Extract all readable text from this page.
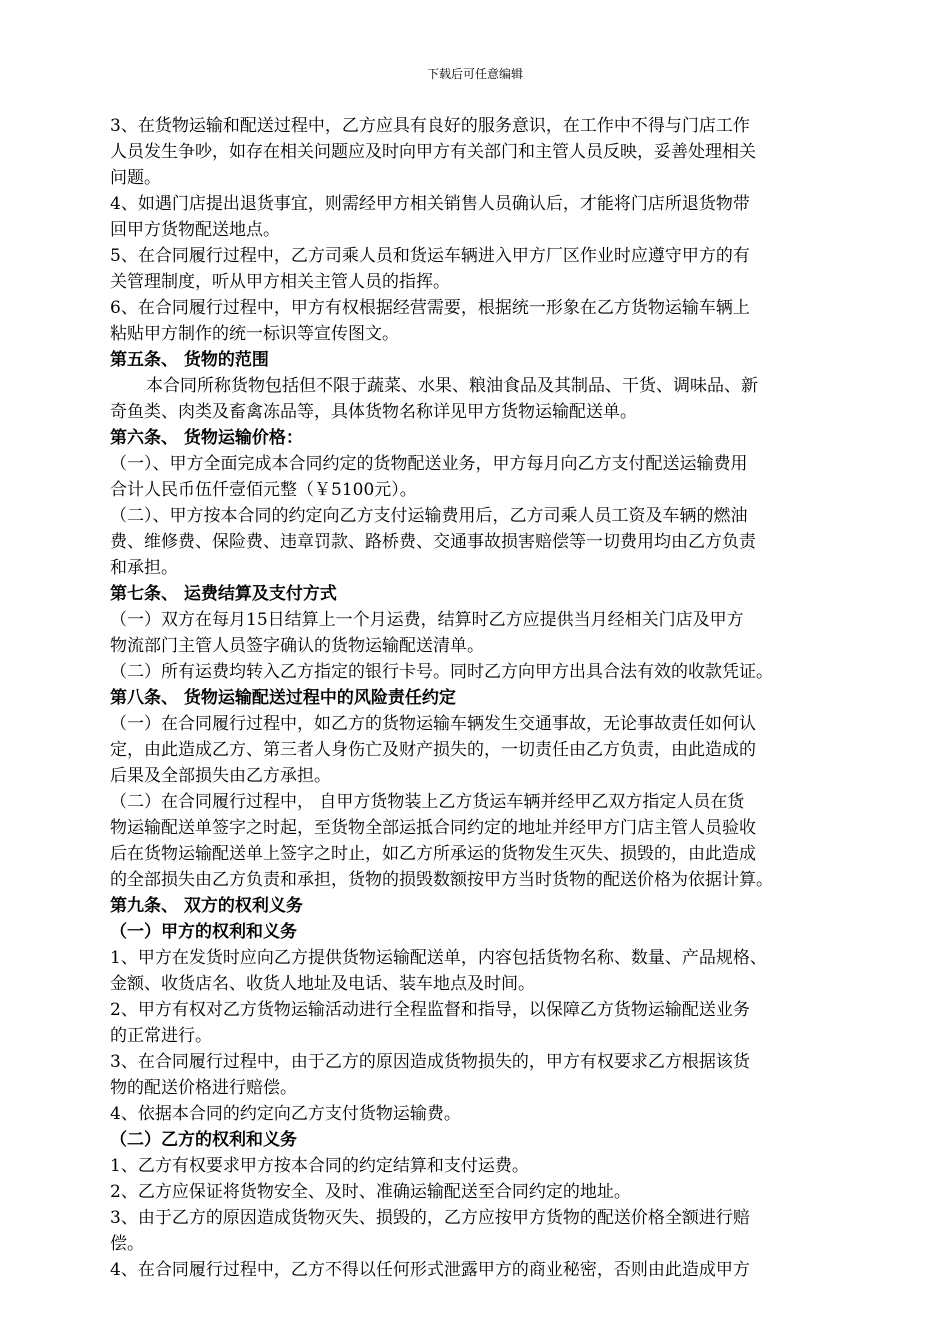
下载后可任意编辑
3、在货物运输和配送过程中，乙方应具有良好的服务意识，在工作中不得与门店工作
人员发生争吵，如存在相关问题应及时向甲方有关部门和主管人员反映，妥善处理相关
问题。
4、如遇门店提出退货事宜，则需经甲方相关销售人员确认后，才能将门店所退货物带
回甲方货物配送地点。
5、在合同履行过程中，乙方司乘人员和货运车辆进入甲方厂区作业时应遵守甲方的有
关管理制度，听从甲方相关主管人员的指挥。
6、在合同履行过程中，甲方有权根据经营需要，根据统一形象在乙方货物运输车辆上
粘贴甲方制作的统一标识等宣传图文。
第五条、 货物的范围
本合同所称货物包括但不限于蔬菜、水果、粮油食品及其制品、干货、调味品、新
奇鱼类、肉类及畜禽冻品等，具体货物名称详见甲方货物运输配送单。
第六条、 货物运输价格：
（一）、甲方全面完成本合同约定的货物配送业务，甲方每月向乙方支付配送运输费用
合计人民币伍仟壹佰元整（￥5100元）。
（二）、甲方按本合同的约定向乙方支付运输费用后，乙方司乘人员工资及车辆的燃油
费、维修费、保险费、违章罚款、路桥费、交通事故损害赔偿等一切费用均由乙方负责
和承担。
第七条、 运费结算及支付方式
（一）双方在每月15日结算上一个月运费，结算时乙方应提供当月经相关门店及甲方
物流部门主管人员签字确认的货物运输配送清单。
（二）所有运费均转入乙方指定的银行卡号。同时乙方向甲方出具合法有效的收款凭证。
第八条、 货物运输配送过程中的风险责任约定
（一）在合同履行过程中，如乙方的货物运输车辆发生交通事故，无论事故责任如何认
定，由此造成乙方、第三者人身伤亡及财产损失的，一切责任由乙方负责，由此造成的
后果及全部损失由乙方承担。
（二）在合同履行过程中， 自甲方货物装上乙方货运车辆并经甲乙双方指定人员在货
物运输配送单签字之时起，至货物全部运抵合同约定的地址并经甲方门店主管人员验收
后在货物运输配送单上签字之时止，如乙方所承运的货物发生灭失、损毁的，由此造成
的全部损失由乙方负责和承担，货物的损毁数额按甲方当时货物的配送价格为依据计算。
第九条、 双方的权利义务
（一）甲方的权利和义务
1、甲方在发货时应向乙方提供货物运输配送单，内容包括货物名称、数量、产品规格、
金额、收货店名、收货人地址及电话、装车地点及时间。
2、甲方有权对乙方货物运输活动进行全程监督和指导，以保障乙方货物运输配送业务
的正常进行。
3、在合同履行过程中，由于乙方的原因造成货物损失的，甲方有权要求乙方根据该货
物的配送价格进行赔偿。
4、依据本合同的约定向乙方支付货物运输费。
（二）乙方的权利和义务
1、乙方有权要求甲方按本合同的约定结算和支付运费。
2、乙方应保证将货物安全、及时、准确运输配送至合同约定的地址。
3、由于乙方的原因造成货物灭失、损毁的，乙方应按甲方货物的配送价格全额进行赔
偿。
4、在合同履行过程中，乙方不得以任何形式泄露甲方的商业秘密，否则由此造成甲方
